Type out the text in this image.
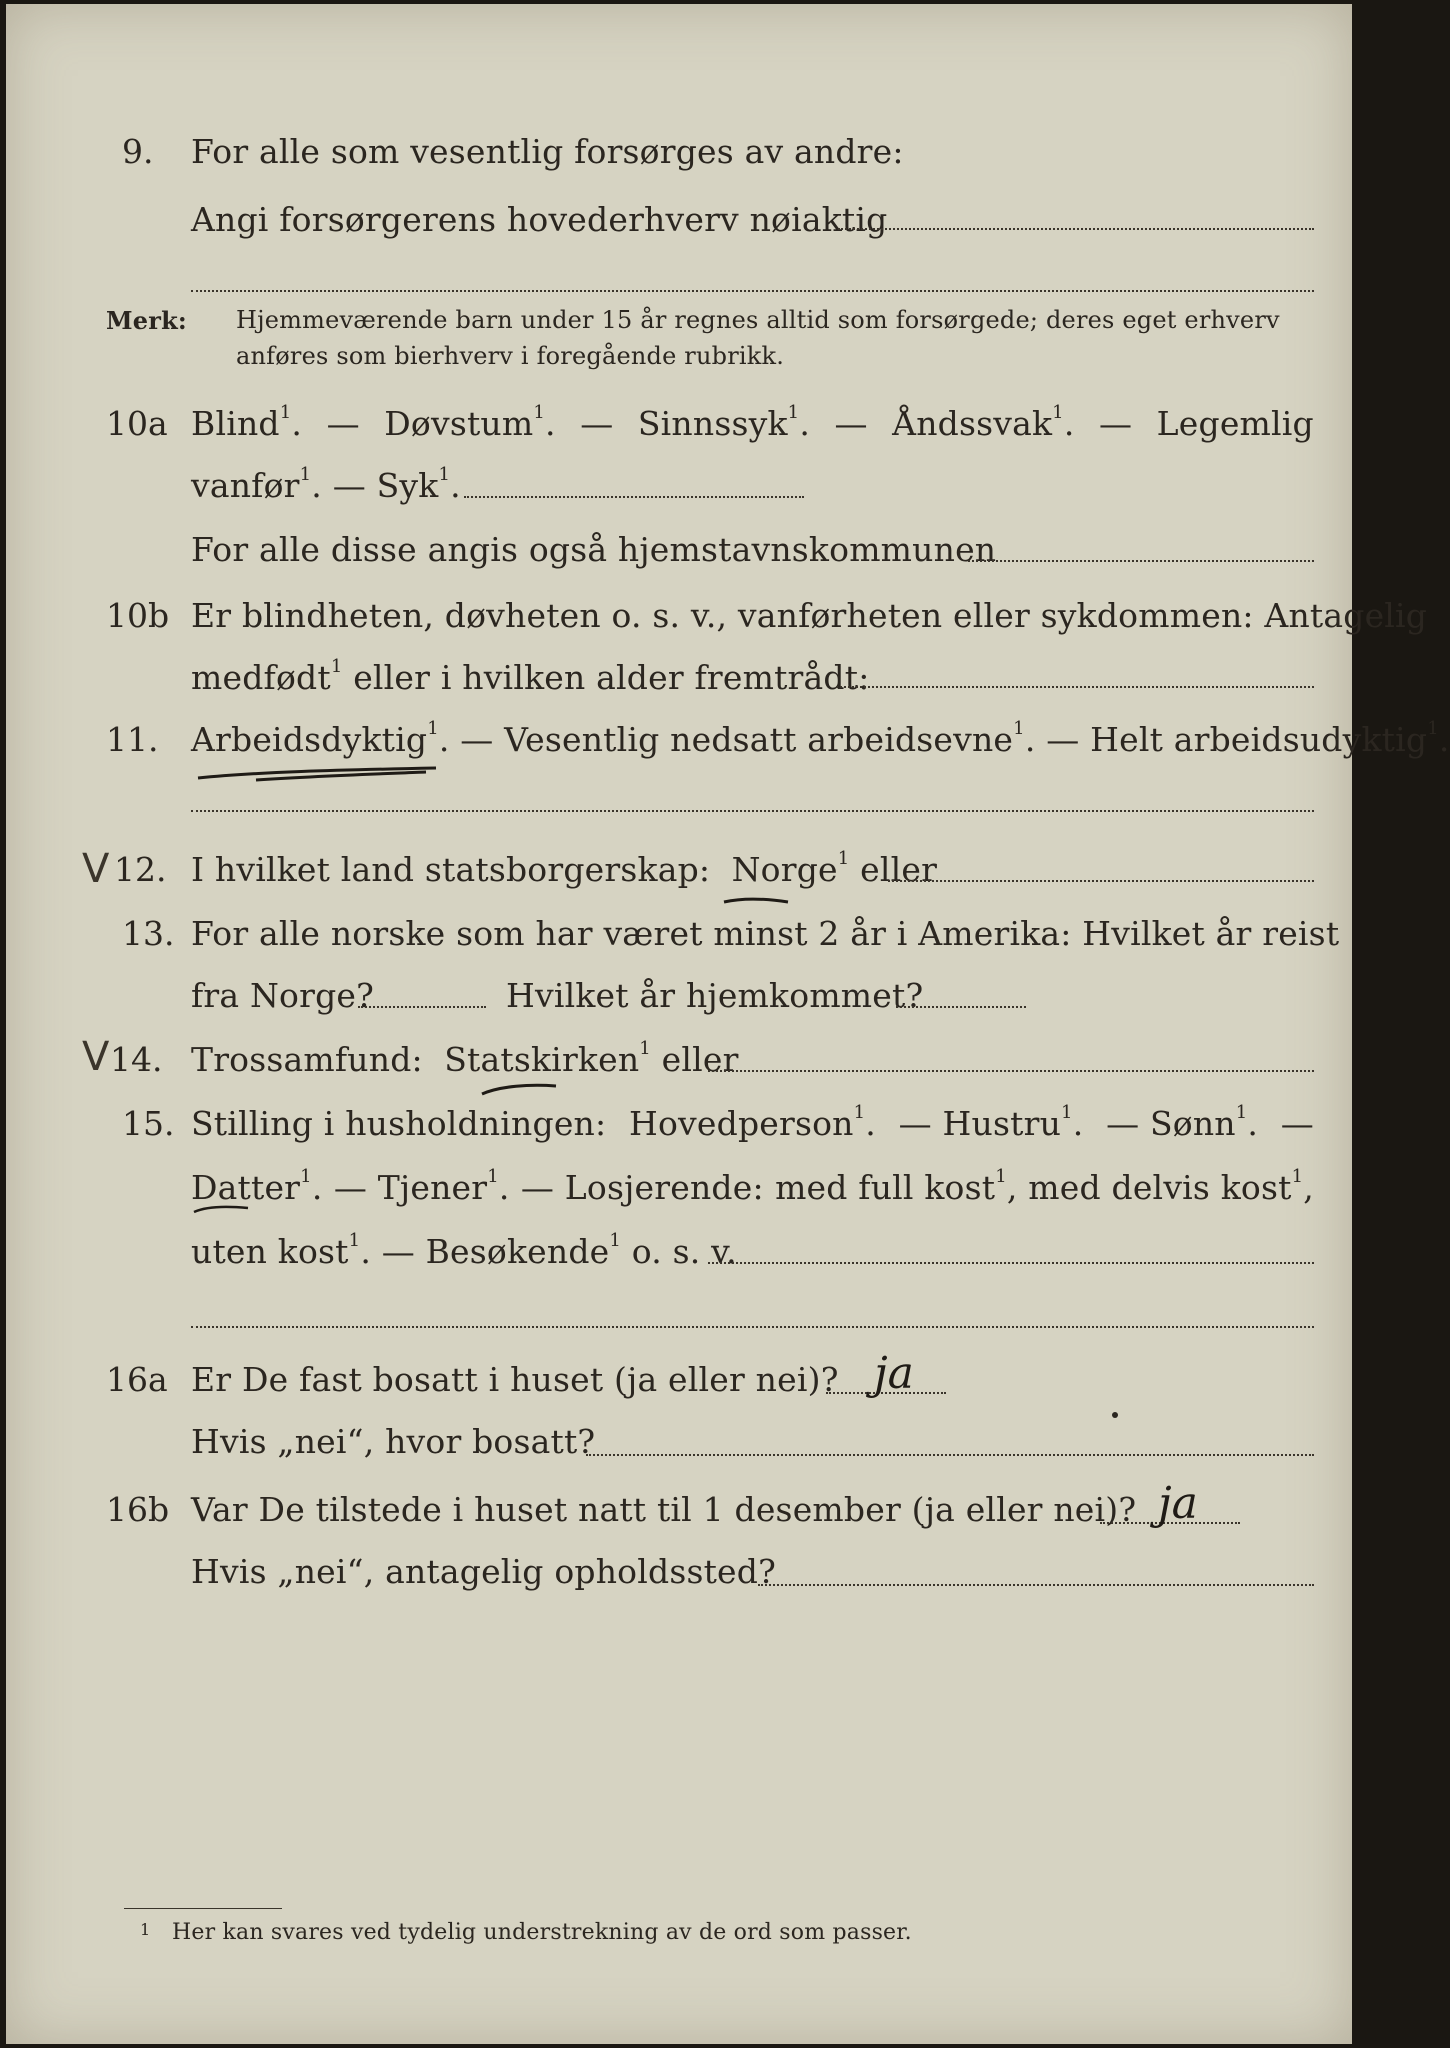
9. For alle som vesentlig forsørges av andre:
Angi forsørgerens hovederhverv nøiaktig
Merk: Hjemmeværende barn under 15 år regnes alltid som forsørgede; deres eget erhverv
anføres som bierhverv i foregående rubrikk.
10a Blind$^1$. — Døvstum$^1$. — Sinnssyk$^1$. — Åndssvak$^1$. — Legemlig
vanfør$^1$. — Syk$^1$.
For alle disse angis også hjemstavnskommunen
10b Er blindheten, døvheten o. s. v., vanførheten eller sykdommen: Antagelig
medfødt$^1$ eller i hvilken alder fremtrådt:
11. Arbeidsdyktig$^1$. — Vesentlig nedsatt arbeidsevne$^1$. — Helt arbeidsudyktig$^1$.
V 12. I hvilket land statsborgerskap: Norge$^1$ eller
13. For alle norske som har været minst 2 år i Amerika: Hvilket år reist
fra Norge?	Hvilket år hjemkommet?
V 14. Trossamfund: Statskirken$^1$ eller
15. Stilling i husholdningen: Hovedperson$^1$. — Hustru$^1$. — Sønn$^1$. —
Datter$^1$. — Tjener$^1$. — Losjerende: med full kost$^1$, med delvis kost$^1$,
uten kost$^1$. — Besøkende$^1$ o. s. v.
16a Er De fast bosatt i huset (ja eller nei)? ja
Hvis „nei“, hvor bosatt?
16b Var De tilstede i huset natt til 1 desember (ja eller nei)? ja
Hvis „nei“, antagelig opholdssted?
$^1$ Her kan svares ved tydelig understrekning av de ord som passer.
